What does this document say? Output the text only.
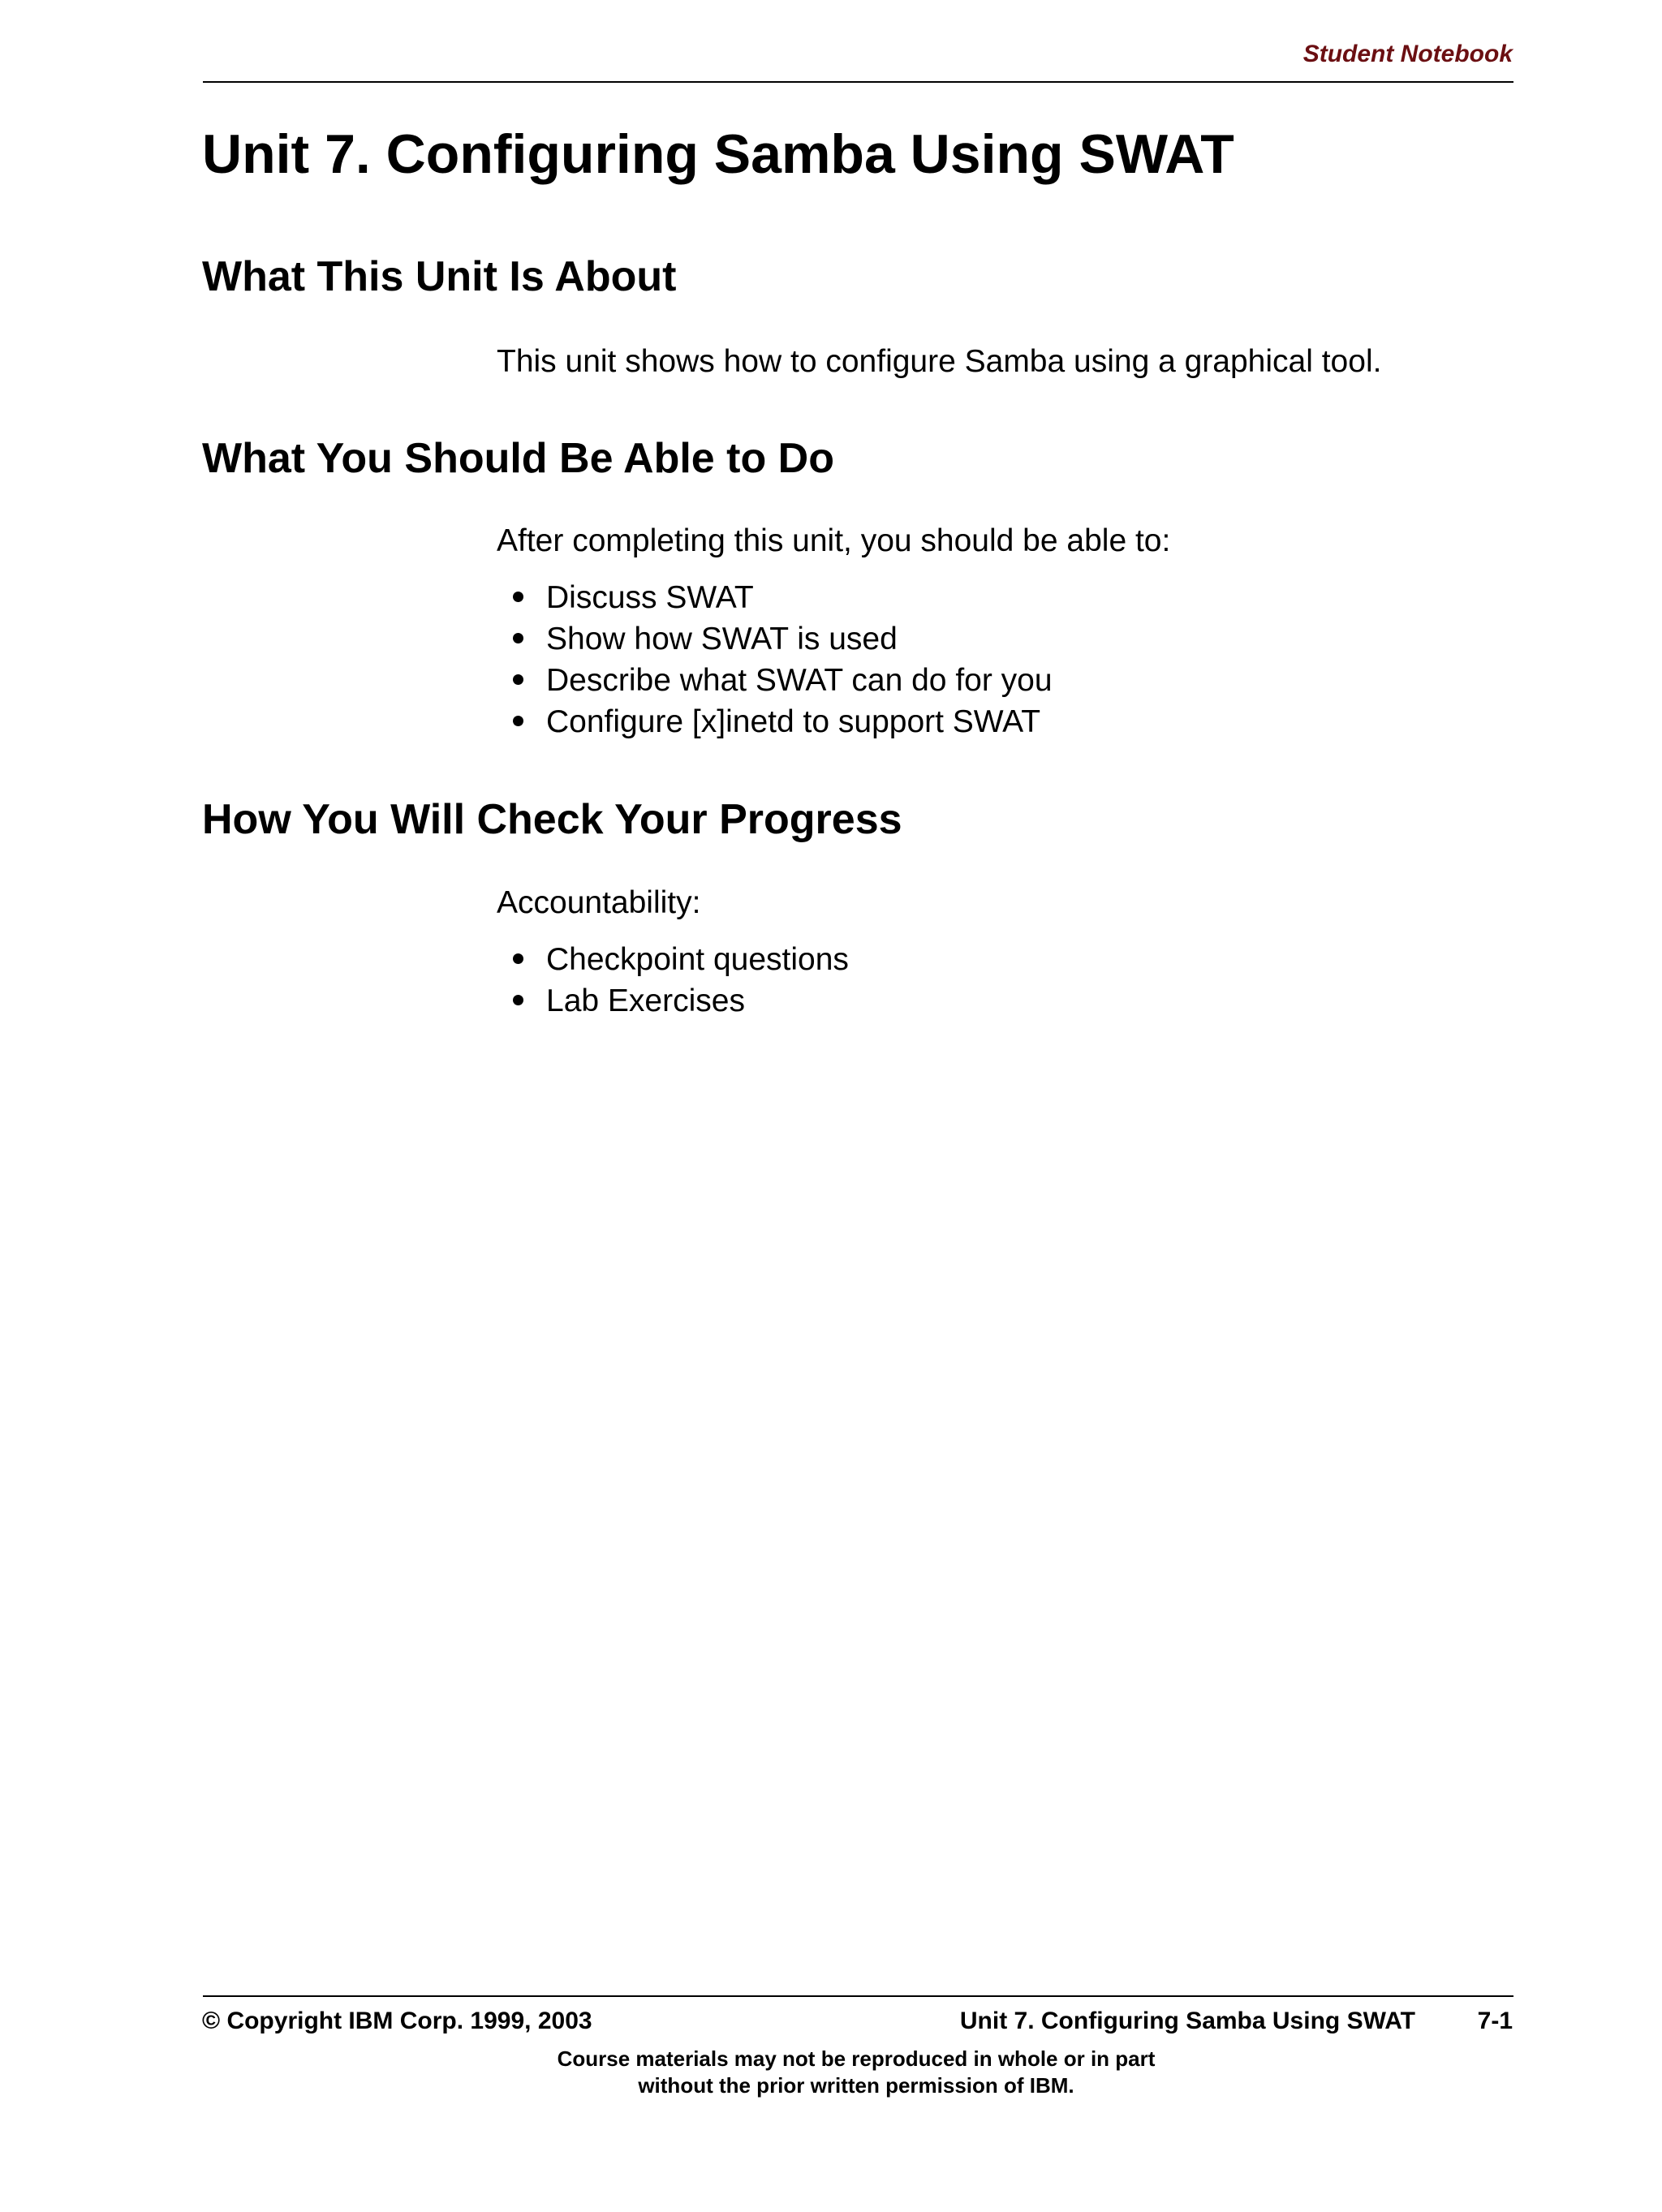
Student Notebook
Unit 7. Configuring Samba Using SWAT
What This Unit Is About

This unit shows how to configure Samba using a graphical tool.

What You Should Be Able to Do

After completing this unit, you should be able to:

Discuss SWAT
Show how SWAT is used
Describe what SWAT can do for you
Configure [x]inetd to support SWAT
How You Will Check Your Progress

Accountability:

Checkpoint questions
Lab Exercises
© Copyright IBM Corp. 1999, 2003	Unit 7. Configuring Samba Using SWAT	7-1
Course materials may not be reproduced in whole or in part
without the prior written permission of IBM.
